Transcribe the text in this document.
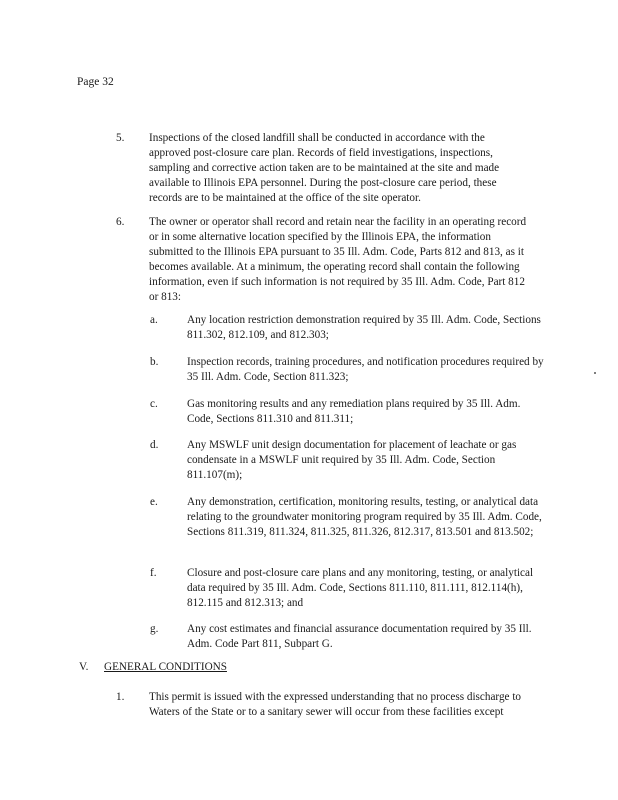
Page 32
5. Inspections of the closed landfill shall be conducted in accordance with the approved post-closure care plan. Records of field investigations, inspections, sampling and corrective action taken are to be maintained at the site and made available to Illinois EPA personnel. During the post-closure care period, these records are to be maintained at the office of the site operator.
6. The owner or operator shall record and retain near the facility in an operating record or in some alternative location specified by the Illinois EPA, the information submitted to the Illinois EPA pursuant to 35 Ill. Adm. Code, Parts 812 and 813, as it becomes available. At a minimum, the operating record shall contain the following information, even if such information is not required by 35 Ill. Adm. Code, Part 812 or 813:
a.	Any location restriction demonstration required by 35 Ill. Adm. Code, Sections 811.302, 812.109, and 812.303;
b.	Inspection records, training procedures, and notification procedures required by 35 Ill. Adm. Code, Section 811.323;
c.	Gas monitoring results and any remediation plans required by 35 Ill. Adm. Code, Sections 811.310 and 811.311;
d.	Any MSWLF unit design documentation for placement of leachate or gas condensate in a MSWLF unit required by 35 Ill. Adm. Code, Section 811.107(m);
e.	Any demonstration, certification, monitoring results, testing, or analytical data relating to the groundwater monitoring program required by 35 Ill. Adm. Code, Sections 811.319, 811.324, 811.325, 811.326, 812.317, 813.501 and 813.502;
f.	Closure and post-closure care plans and any monitoring, testing, or analytical data required by 35 Ill. Adm. Code, Sections 811.110, 811.111, 812.114(h), 812.115 and 812.313; and
g.	Any cost estimates and financial assurance documentation required by 35 Ill. Adm. Code Part 811, Subpart G.
V. GENERAL CONDITIONS
1. This permit is issued with the expressed understanding that no process discharge to Waters of the State or to a sanitary sewer will occur from these facilities except
